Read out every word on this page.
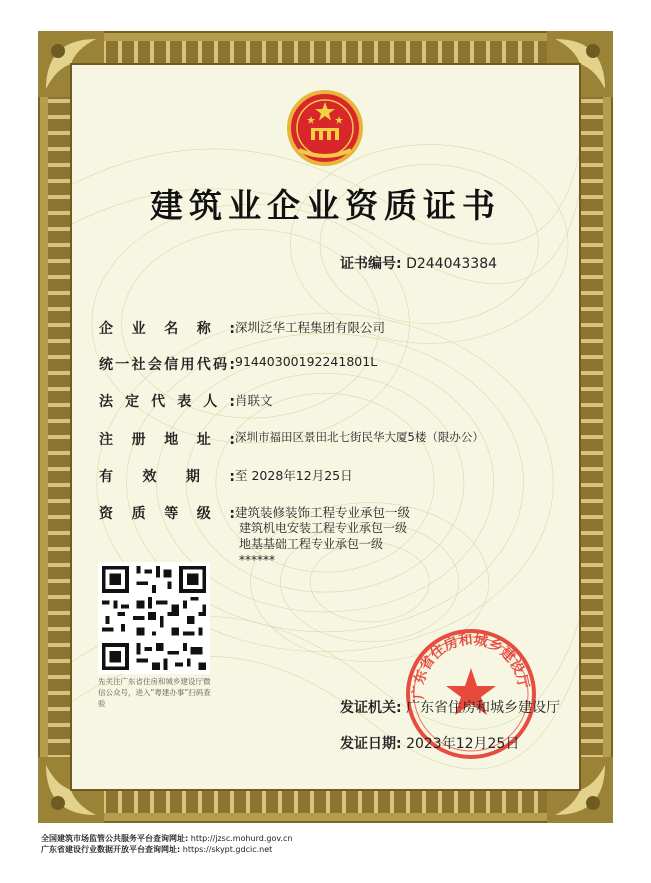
建筑业企业资质证书
证书编号: D244043384
企业名称:深圳泛华工程集团有限公司
统一社会信用代码:91440300192241801L
法定代表人:肖联文
注册地址:深圳市福田区景田北七街民华大厦5楼（限办公）
有效期:至 2028年12月25日
资质等级:建筑装修装饰工程专业承包一级
建筑机电安装工程专业承包一级
地基基础工程专业承包一级
******
先关注广东省住房和城乡建设厅微信公众号，进入“粤建办事”扫码查验
广东省住房和城乡建设厅
发证机关: 广东省住房和城乡建设厅
发证日期: 2023年12月25日
全国建筑市场监管公共服务平台查询网址: http://jzsc.mohurd.gov.cn
广东省建设行业数据开放平台查询网址: https://skypt.gdcic.net
